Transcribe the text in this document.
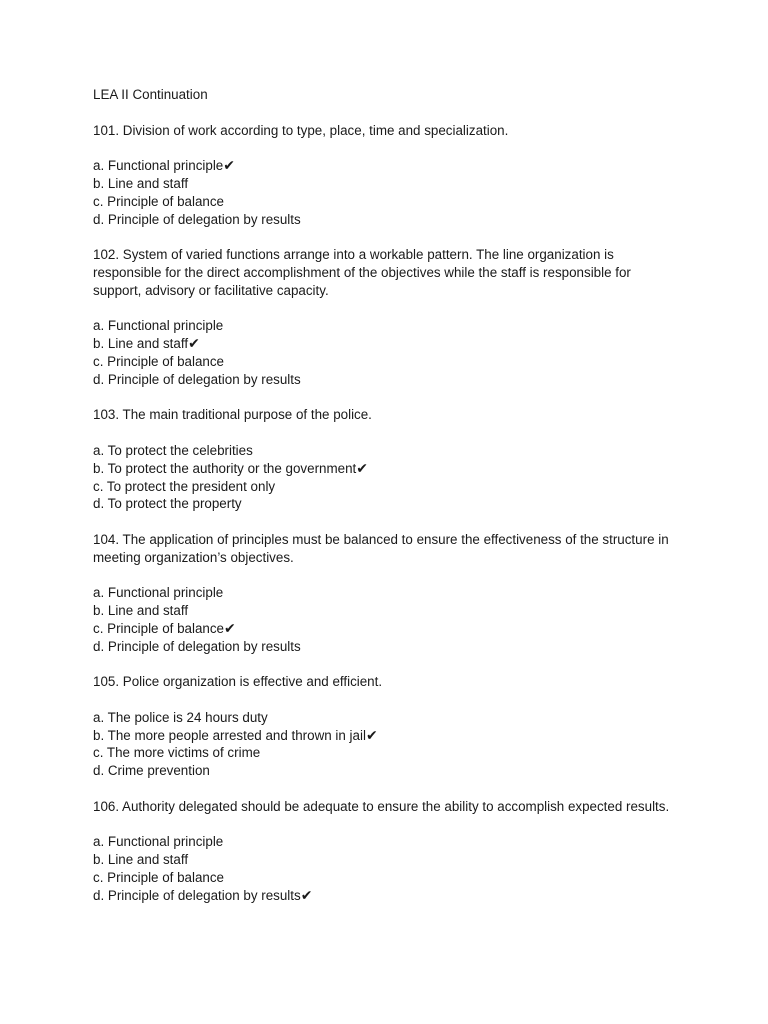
LEA II Continuation
101. Division of work according to type, place, time and specialization.
a. Functional principle✔
b. Line and staff
c. Principle of balance
d. Principle of delegation by results
102. System of varied functions arrange into a workable pattern. The line organization is responsible for the direct accomplishment of the objectives while the staff is responsible for support, advisory or facilitative capacity.
a. Functional principle
b. Line and staff✔
c. Principle of balance
d. Principle of delegation by results
103. The main traditional purpose of the police.
a. To protect the celebrities
b. To protect the authority or the government✔
c. To protect the president only
d. To protect the property
104. The application of principles must be balanced to ensure the effectiveness of the structure in meeting organization’s objectives.
a. Functional principle
b. Line and staff
c. Principle of balance✔
d. Principle of delegation by results
105. Police organization is effective and efficient.
a. The police is 24 hours duty
b. The more people arrested and thrown in jail✔
c. The more victims of crime
d. Crime prevention
106. Authority delegated should be adequate to ensure the ability to accomplish expected results.
a. Functional principle
b. Line and staff
c. Principle of balance
d. Principle of delegation by results✔
